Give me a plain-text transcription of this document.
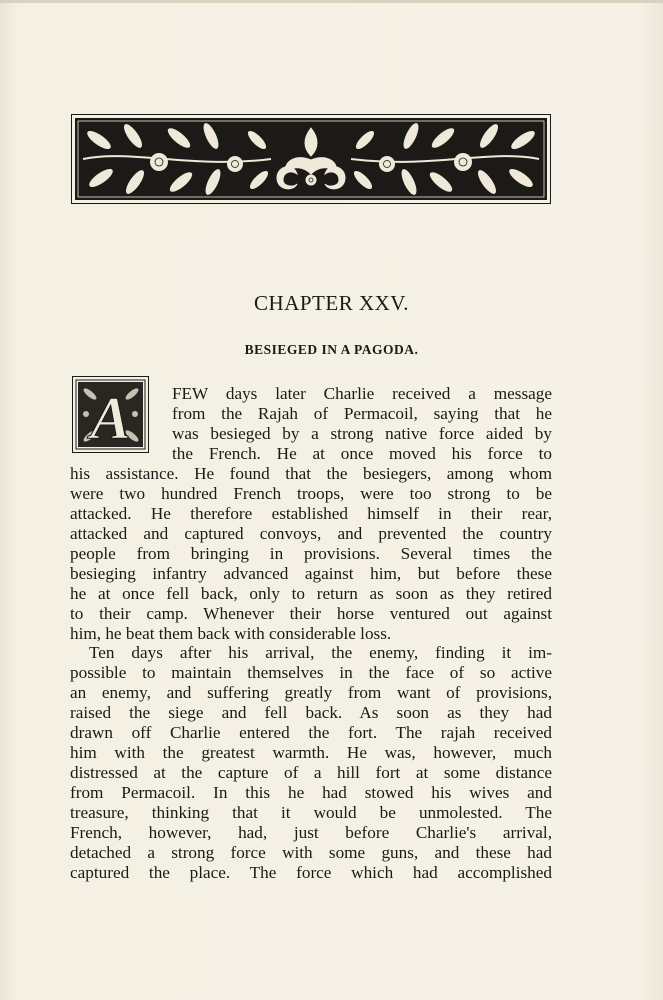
CHAPTER XXV.
BESIEGED IN A PAGODA.
A FEW days later Charlie received a message
from the Rajah of Permacoil, saying that he
was besieged by a strong native force aided by
the French. He at once moved his force to
his assistance. He found that the besiegers, among whom
were two hundred French troops, were too strong to be
attacked. He therefore established himself in their rear,
attacked and captured convoys, and prevented the country
people from bringing in provisions. Several times the
besieging infantry advanced against him, but before these
he at once fell back, only to return as soon as they retired
to their camp. Whenever their horse ventured out against
him, he beat them back with considerable loss.
Ten days after his arrival, the enemy, finding it im-
possible to maintain themselves in the face of so active
an enemy, and suffering greatly from want of provisions,
raised the siege and fell back. As soon as they had
drawn off Charlie entered the fort. The rajah received
him with the greatest warmth. He was, however, much
distressed at the capture of a hill fort at some distance
from Permacoil. In this he had stowed his wives and
treasure, thinking that it would be unmolested. The
French, however, had, just before Charlie's arrival,
detached a strong force with some guns, and these had
captured the place. The force which had accomplished
